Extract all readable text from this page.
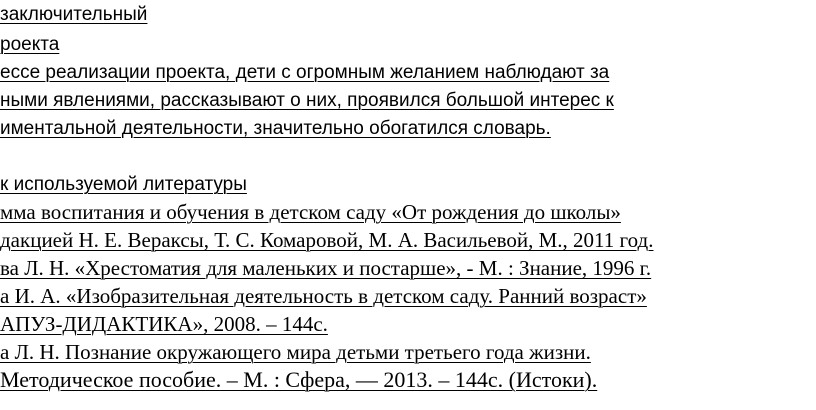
заключительный
роекта
ессе реализации проекта, дети с огромным желанием наблюдают за
ными явлениями, рассказывают о них, проявился большой интерес к
иментальной деятельности, значительно обогатился словарь.
к используемой литературы
мма воспитания и обучения в детском саду «От рождения до школы»
дакцией Н. Е. Вераксы, Т. С. Комаровой, М. А. Васильевой, М., 2011 год.
ва Л. Н. «Хрестоматия для маленьких и постарше», - М. : Знание, 1996 г.
а И. А. «Изобразительная деятельность в детском саду. Ранний возраст»
АПУЗ-ДИДАКТИКА», 2008. – 144с.
а Л. Н. Познание окружающего мира детьми третьего года жизни.
Методическое пособие. – М. : Сфера, — 2013. – 144с. (Истоки).
